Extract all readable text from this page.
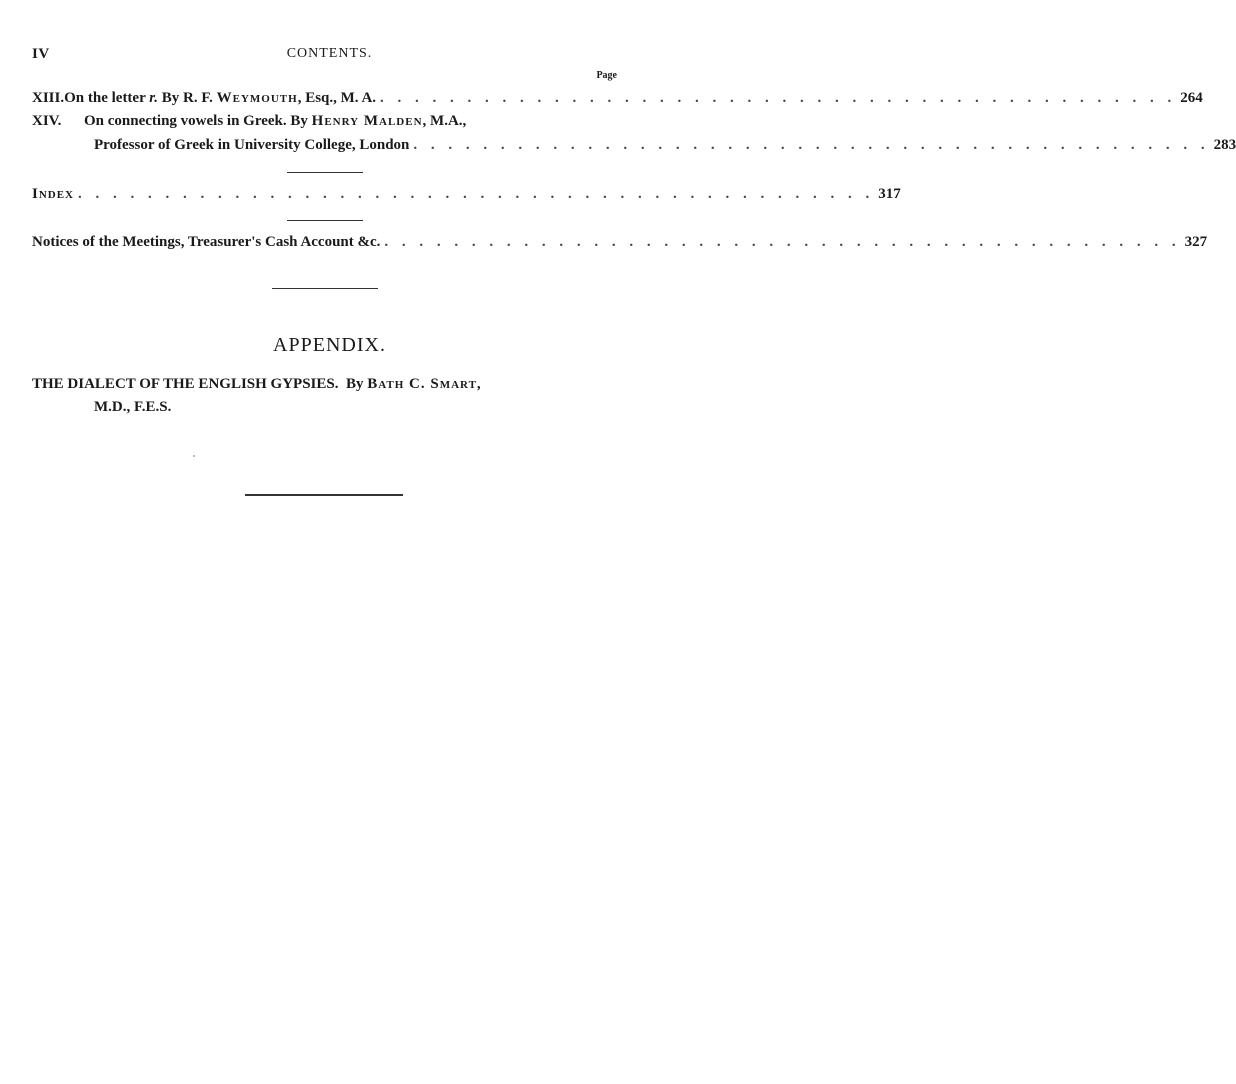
IV	CONTENTS.
Page
XIII. On the letter r. By R. F. Weymouth, Esq., M. A. . . . . . . . . . . . . . . . . . . . . . . . . . . . . . . . . . . . . . . . . . . . . . . 264
XIV.	On connecting vowels in Greek. By Henry Malden, M.A.,
Professor of Greek in University College, London . . . . . . . . . . . . . . . . . . . . . . . . . . . . . . . . . . . . . . . . . . . . . . 283
Index . . . . . . . . . . . . . . . . . . . . . . . . . . . . . . . . . . . . . . . . . . . . . . 317
Notices of the Meetings, Treasurer's Cash Account &c. . . . . . . . . . . . . . . . . . . . . . . . . . . . . . . . . . . . . . . . . . . . . . . 327
APPENDIX.
THE DIALECT OF THE ENGLISH GYPSIES. By Bath C. Smart,
M.D., F.E.S.
